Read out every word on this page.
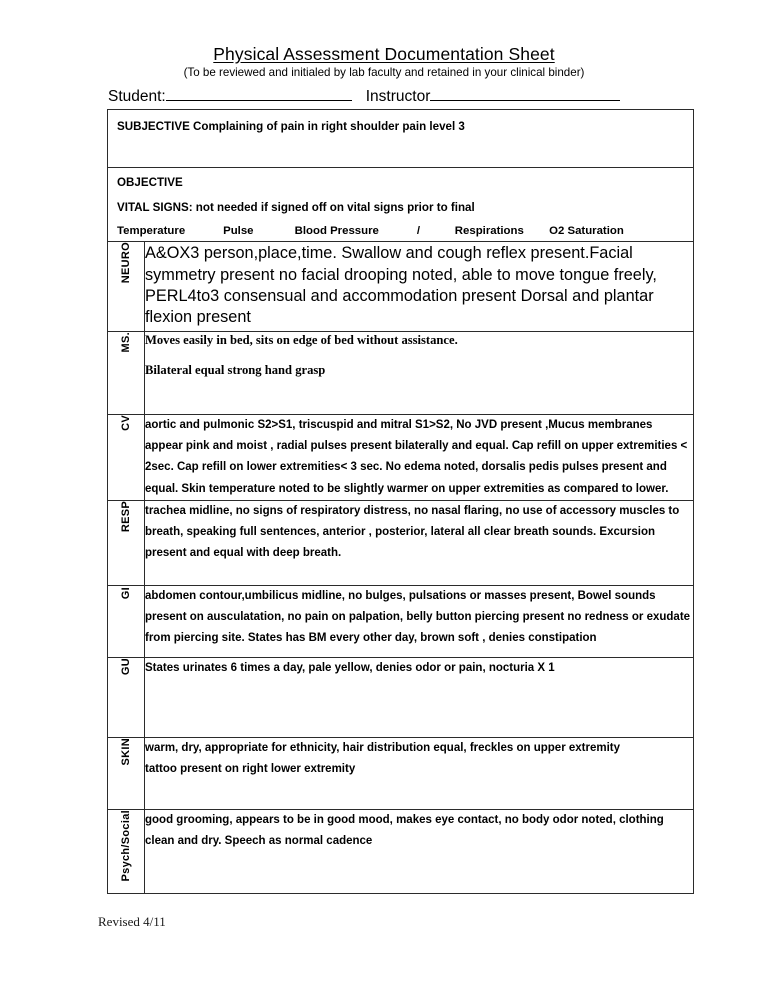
Physical Assessment Documentation Sheet
(To be reviewed and initialed by lab faculty and retained in your clinical binder)
Student:	Instructor
SUBJECTIVE Complaining of pain in right shoulder pain level 3	

OBJECTIVE
VITAL SIGNS: not needed if signed off on vital signs prior to final
Temperature            Pulse             Blood Pressure            /           Respirations        O2 Saturation	

NEURO	A&OX3 person,place,time. Swallow and cough reflex present.Facial symmetry present no facial drooping noted, able to move tongue freely, PERL4to3 consensual and accommodation present Dorsal and plantar flexion present

MS.	Moves easily in bed, sits on edge of bed without assistance.

Bilateral equal strong hand grasp

CV	aortic and pulmonic S2>S1, triscuspid and mitral S1>S2, No JVD present ,Mucus membranes appear pink and moist , radial pulses present bilaterally and equal. Cap refill on upper extremities < 2sec. Cap refill on lower extremities< 3 sec. No edema noted, dorsalis pedis pulses present and equal. Skin temperature noted to be slightly warmer on upper extremities as compared to lower.

RESP	trachea midline, no signs of respiratory distress, no nasal flaring, no use of accessory muscles to breath, speaking full sentences, anterior , posterior, lateral all clear breath sounds. Excursion present and equal with deep breath.

GI	abdomen contour,umbilicus midline, no bulges, pulsations or masses present, Bowel sounds present on ausculatation, no pain on palpation, belly button piercing present no redness or exudate from piercing site. States has BM every other day, brown soft , denies constipation

GU	States urinates 6 times a day, pale yellow, denies odor or pain, nocturia X 1

SKIN	warm, dry, appropriate for ethnicity, hair distribution equal, freckles on upper extremity

tattoo present on right lower extremity

Psych/Social	good grooming, appears to be in good mood, makes eye contact, no body odor noted, clothing clean and dry. Speech as normal cadence

Revised 4/11
